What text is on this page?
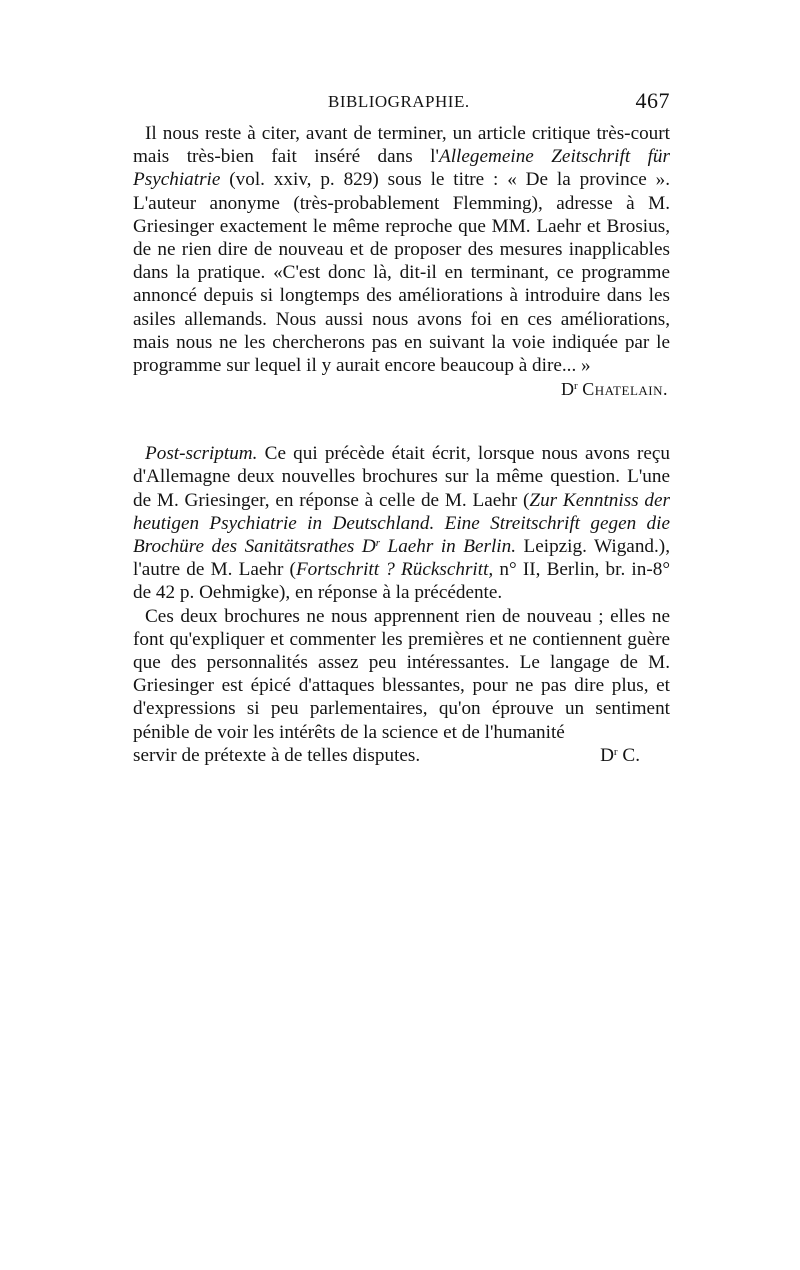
BIBLIOGRAPHIE.	467

Il nous reste à citer, avant de terminer, un article critique très-court mais très-bien fait inséré dans l'Allegemeine Zeitschrift für Psychiatrie (vol. xxiv, p. 829) sous le titre : « De la province ». L'auteur anonyme (très-probablement Flemming), adresse à M. Griesinger exactement le même reproche que MM. Laehr et Brosius, de ne rien dire de nouveau et de proposer des mesures inapplicables dans la pratique. «C'est donc là, dit-il en terminant, ce programme annoncé depuis si longtemps des améliorations à introduire dans les asiles allemands. Nous aussi nous avons foi en ces améliorations, mais nous ne les chercherons pas en suivant la voie indiquée par le programme sur lequel il y aurait encore beaucoup à dire... »

$D^r$ Chatelain.

Post-scriptum. Ce qui précède était écrit, lorsque nous avons reçu d'Allemagne deux nouvelles brochures sur la même question. L'une de M. Griesinger, en réponse à celle de M. Laehr (Zur Kenntniss der heutigen Psychiatrie in Deutschland. Eine Streitschrift gegen die Brochüre des Sanitätsrathes $D^r$ Laehr in Berlin. Leipzig. Wigand.), l'autre de M. Laehr (Fortschritt ? Rückschritt, n° II, Berlin, br. in-8° de 42 p. Oehmigke), en réponse à la précédente.

Ces deux brochures ne nous apprennent rien de nouveau ; elles ne font qu'expliquer et commenter les premières et ne contiennent guère que des personnalités assez peu intéressantes. Le langage de M. Griesinger est épicé d'attaques blessantes, pour ne pas dire plus, et d'expressions si peu parlementaires, qu'on éprouve un sentiment pénible de voir les intérêts de la science et de l'humanité

servir de prétexte à de telles disputes.	$D^r$ C.
